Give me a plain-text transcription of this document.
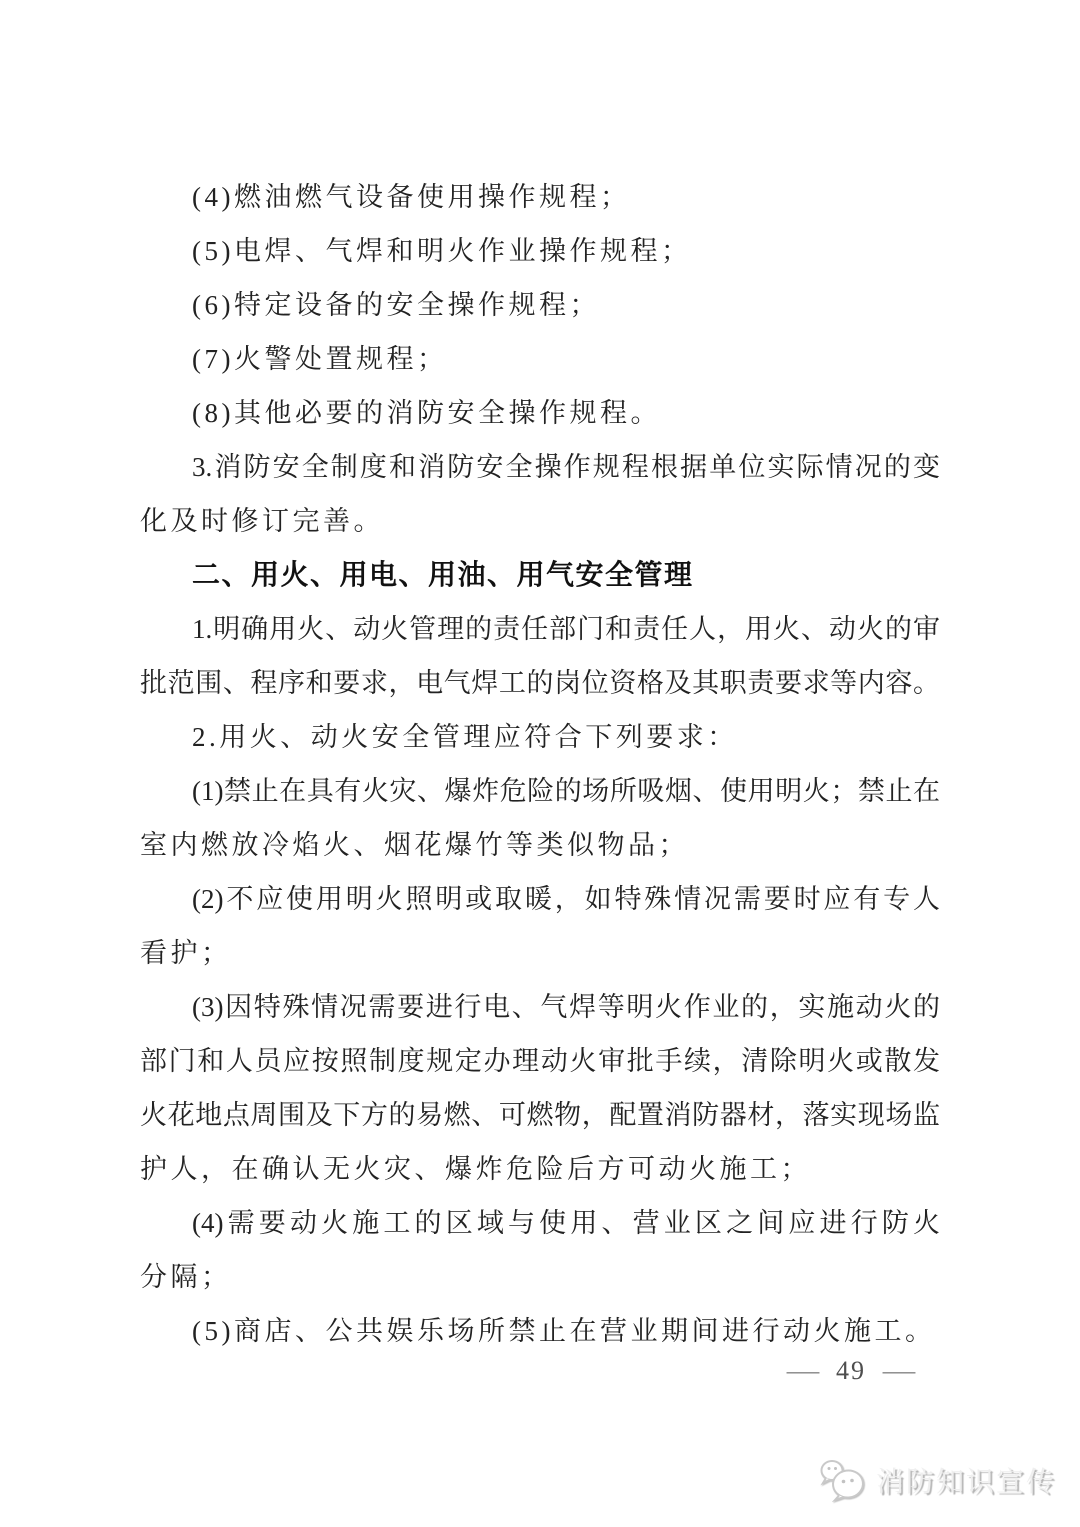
(4)燃油燃气设备使用操作规程；

(5)电焊、气焊和明火作业操作规程；

(6)特定设备的安全操作规程；

(7)火警处置规程；

(8)其他必要的消防安全操作规程。

3.消防安全制度和消防安全操作规程根据单位实际情况的变

化及时修订完善。

二、用火、用电、用油、用气安全管理

1.明确用火、动火管理的责任部门和责任人，用火、动火的审

批范围、程序和要求，电气焊工的岗位资格及其职责要求等内容。

2.用火、动火安全管理应符合下列要求：

(1)禁止在具有火灾、爆炸危险的场所吸烟、使用明火；禁止在

室内燃放冷焰火、烟花爆竹等类似物品；

(2)不应使用明火照明或取暖，如特殊情况需要时应有专人

看护；

(3)因特殊情况需要进行电、气焊等明火作业的，实施动火的

部门和人员应按照制度规定办理动火审批手续，清除明火或散发

火花地点周围及下方的易燃、可燃物，配置消防器材，落实现场监

护人，在确认无火灾、爆炸危险后方可动火施工；

(4)需要动火施工的区域与使用、营业区之间应进行防火

分隔；

(5)商店、公共娱乐场所禁止在营业期间进行动火施工。

— 49 —
消防知识宣传
